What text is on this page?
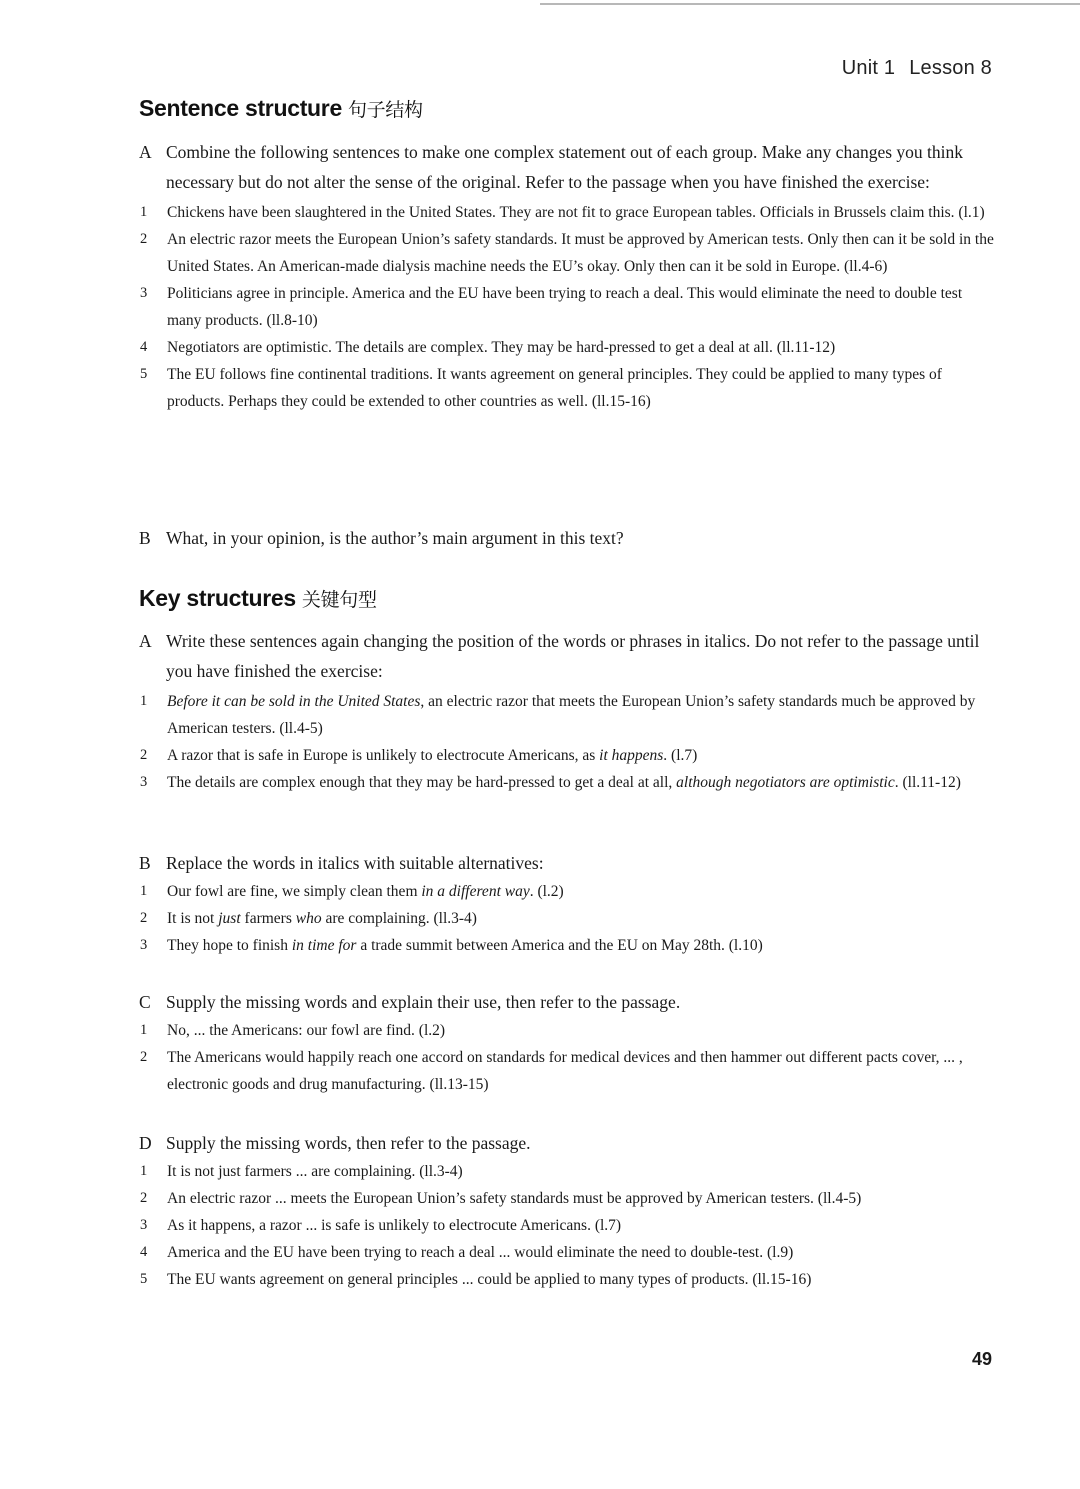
Unit 1 Lesson 8
Sentence structure 句子结构

A Combine the following sentences to make one complex statement out of each group. Make any changes you think necessary but do not alter the sense of the original. Refer to the passage when you have finished the exercise:

1 Chickens have been slaughtered in the United States. They are not fit to grace European tables. Officials in Brussels claim this. (l.1)
2 An electric razor meets the European Union’s safety standards. It must be approved by American tests. Only then can it be sold in the United States. An American-made dialysis machine needs the EU’s okay. Only then can it be sold in Europe. (ll.4-6)
3 Politicians agree in principle. America and the EU have been trying to reach a deal. This would eliminate the need to double test many products. (ll.8-10)
4 Negotiators are optimistic. The details are complex. They may be hard-pressed to get a deal at all. (ll.11-12)
5 The EU follows fine continental traditions. It wants agreement on general principles. They could be applied to many types of products. Perhaps they could be extended to other countries as well. (ll.15-16)

B What, in your opinion, is the author’s main argument in this text?

Key structures 关键句型

A Write these sentences again changing the position of the words or phrases in italics. Do not refer to the passage until you have finished the exercise:

1 Before it can be sold in the United States, an electric razor that meets the European Union’s safety standards much be approved by American testers. (ll.4-5)
2 A razor that is safe in Europe is unlikely to electrocute Americans, as it happens. (l.7)
3 The details are complex enough that they may be hard-pressed to get a deal at all, although negotiators are optimistic. (ll.11-12)

B Replace the words in italics with suitable alternatives:

1 Our fowl are fine, we simply clean them in a different way. (l.2)
2 It is not just farmers who are complaining. (ll.3-4)
3 They hope to finish in time for a trade summit between America and the EU on May 28th. (l.10)

C Supply the missing words and explain their use, then refer to the passage.

1 No, ... the Americans: our fowl are find. (l.2)
2 The Americans would happily reach one accord on standards for medical devices and then hammer out different pacts cover, ... , electronic goods and drug manufacturing. (ll.13-15)

D Supply the missing words, then refer to the passage.

1 It is not just farmers ... are complaining. (ll.3-4)
2 An electric razor ... meets the European Union’s safety standards must be approved by American testers. (ll.4-5)
3 As it happens, a razor ... is safe is unlikely to electrocute Americans. (l.7)
4 America and the EU have been trying to reach a deal ... would eliminate the need to double-test. (l.9)
5 The EU wants agreement on general principles ... could be applied to many types of products. (ll.15-16)
49
